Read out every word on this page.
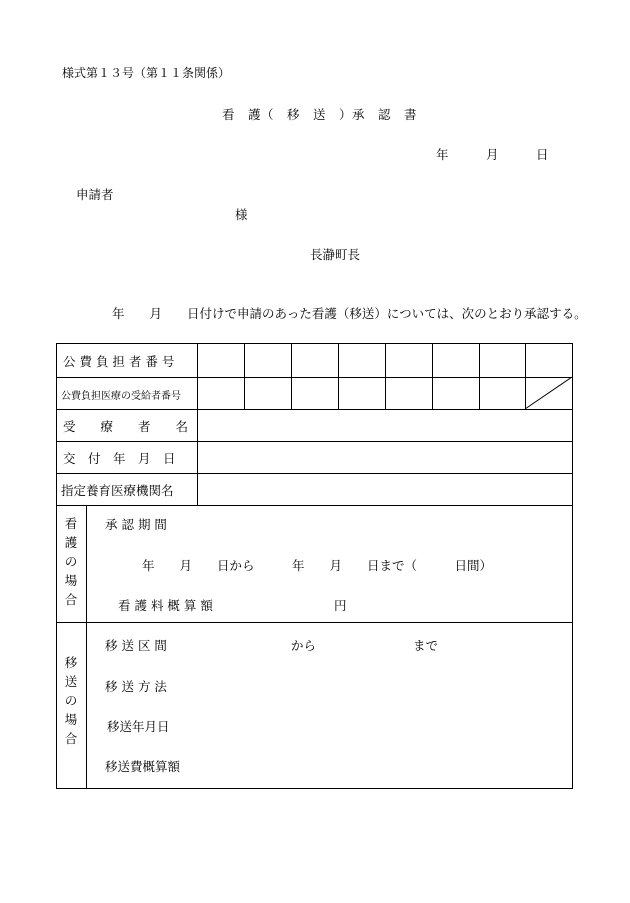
様式第１３号（第１１条関係）
看　護（　移　送　）承　認　書
年　　　月　　　日
申請者
様
長瀞町長
年　　月　　日付けで申請のあった看護（移送）については、次のとおり承認する。
公 費 負 担 者 番 号
公費負担医療の受給者番号
受　　療　　者　　名
交　付　年　月　日
指定養育医療機関名
看
護
の
場
合
承 認 期 間
年　　月　　日から　　　年　　月　　日まで（　　　日間）
看 護 料 概 算 額	円
移
送
の
場
合
移 送 区 間	から	まで
移 送 方 法
移送年月日
移送費概算額
